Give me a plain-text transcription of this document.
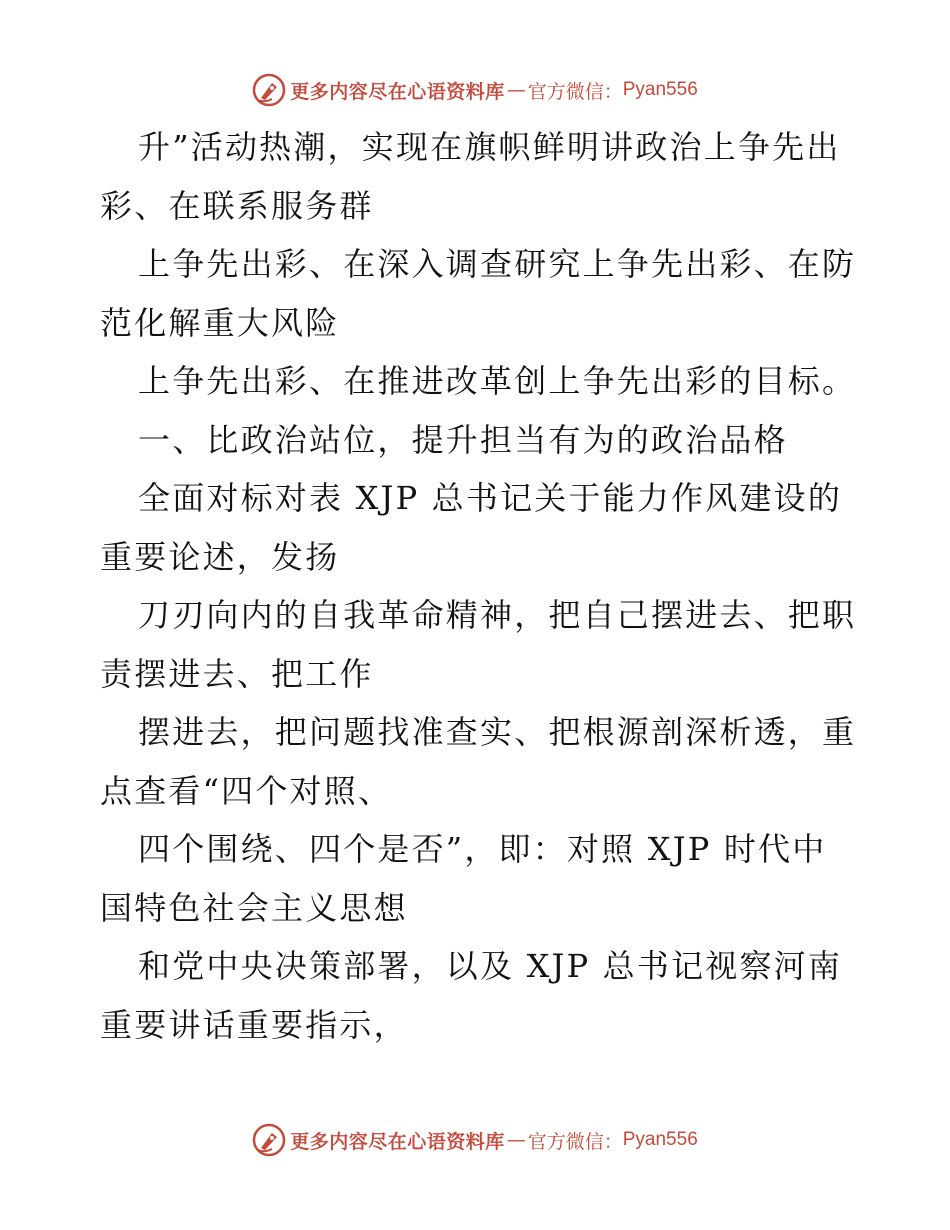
更多内容尽在心语资料库 — 官方微信： Pyan556

升”活动热潮，实现在旗帜鲜明讲政治上争先出彩、在联系服务群

上争先出彩、在深入调查研究上争先出彩、在防范化解重大风险

上争先出彩、在推进改革创上争先出彩的目标。

一、比政治站位，提升担当有为的政治品格

全面对标对表 XJP 总书记关于能力作风建设的重要论述，发扬

刀刃向内的自我革命精神，把自己摆进去、把职责摆进去、把工作

摆进去，把问题找准查实、把根源剖深析透，重点查看“四个对照、

四个围绕、四个是否”，即：对照 XJP 时代中国特色社会主义思想

和党中央决策部署，以及 XJP 总书记视察河南重要讲话重要指示，

更多内容尽在心语资料库 — 官方微信： Pyan556
